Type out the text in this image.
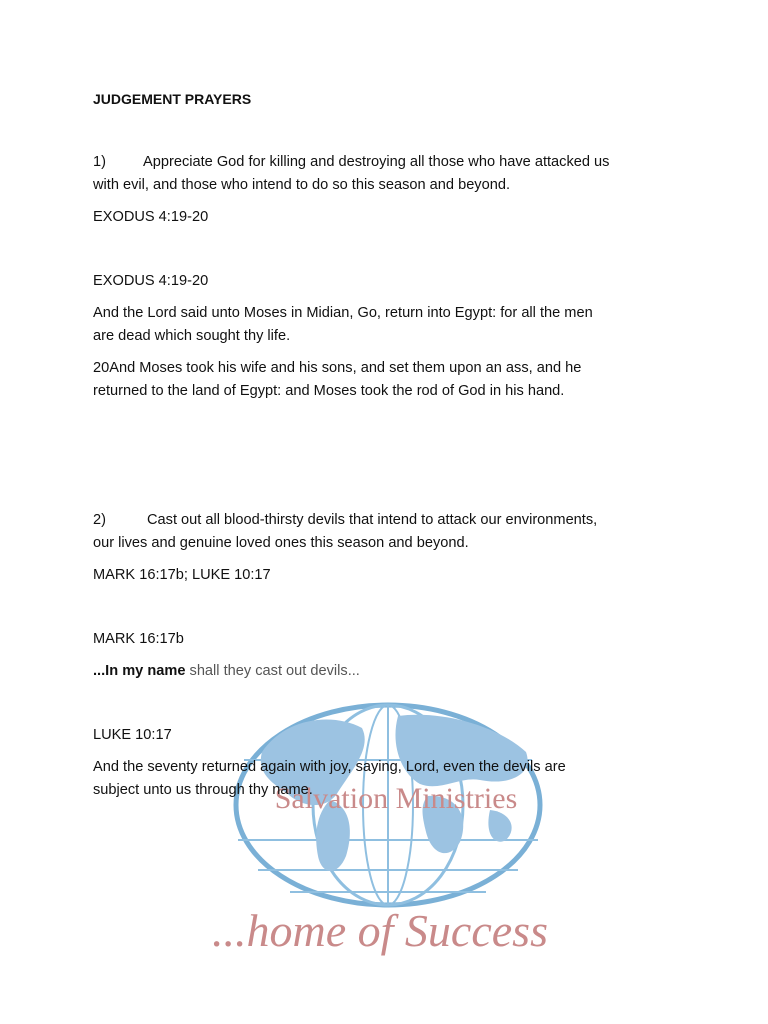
Salvation Ministries
...home of Success

JUDGEMENT PRAYERS

1)	Appreciate God for killing and destroying all those who have attacked us

with evil, and those who intend to do so this season and beyond.

EXODUS 4:19-20

EXODUS 4:19-20

And the Lord said unto Moses in Midian, Go, return into Egypt: for all the men

are dead which sought thy life.

20And Moses took his wife and his sons, and set them upon an ass, and he

returned to the land of Egypt: and Moses took the rod of God in his hand.

2)	Cast out all blood-thirsty devils that intend to attack our environments,

our lives and genuine loved ones this season and beyond.

MARK 16:17b; LUKE 10:17

MARK 16:17b

...In my name shall they cast out devils...

LUKE 10:17

And the seventy returned again with joy, saying, Lord, even the devils are

subject unto us through thy name.
